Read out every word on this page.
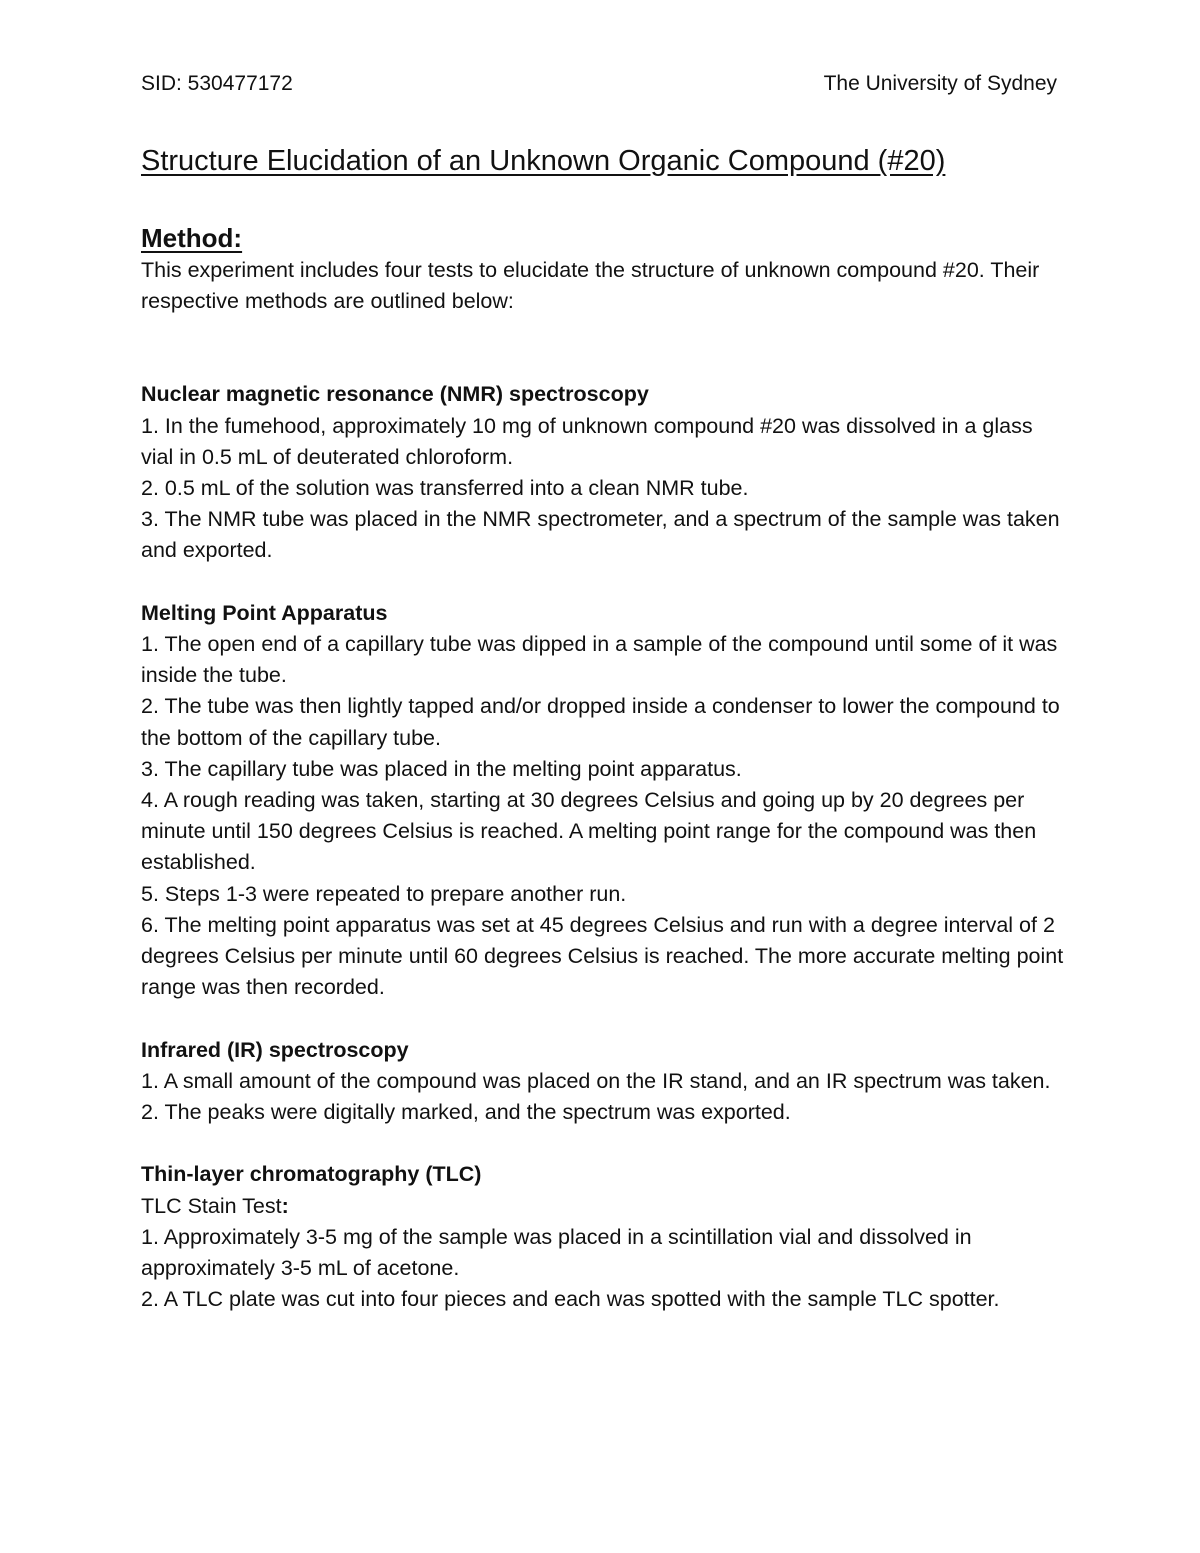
SID: 530477172	The University of Sydney
Structure Elucidation of an Unknown Organic Compound (#20)
Method:

This experiment includes four tests to elucidate the structure of unknown compound #20. Their respective methods are outlined below:

Nuclear magnetic resonance (NMR) spectroscopy
1. In the fumehood, approximately 10 mg of unknown compound #20 was dissolved in a glass vial in 0.5 mL of deuterated chloroform.
2. 0.5 mL of the solution was transferred into a clean NMR tube.
3. The NMR tube was placed in the NMR spectrometer, and a spectrum of the sample was taken and exported.
Melting Point Apparatus
1. The open end of a capillary tube was dipped in a sample of the compound until some of it was inside the tube.
2. The tube was then lightly tapped and/or dropped inside a condenser to lower the compound to the bottom of the capillary tube.
3. The capillary tube was placed in the melting point apparatus.
4. A rough reading was taken, starting at 30 degrees Celsius and going up by 20 degrees per minute until 150 degrees Celsius is reached. A melting point range for the compound was then established.
5. Steps 1-3 were repeated to prepare another run.
6. The melting point apparatus was set at 45 degrees Celsius and run with a degree interval of 2 degrees Celsius per minute until 60 degrees Celsius is reached. The more accurate melting point range was then recorded.
Infrared (IR) spectroscopy
1. A small amount of the compound was placed on the IR stand, and an IR spectrum was taken.
2. The peaks were digitally marked, and the spectrum was exported.
Thin-layer chromatography (TLC)
TLC Stain Test:
1. Approximately 3-5 mg of the sample was placed in a scintillation vial and dissolved in approximately 3-5 mL of acetone.
2. A TLC plate was cut into four pieces and each was spotted with the sample TLC spotter.
